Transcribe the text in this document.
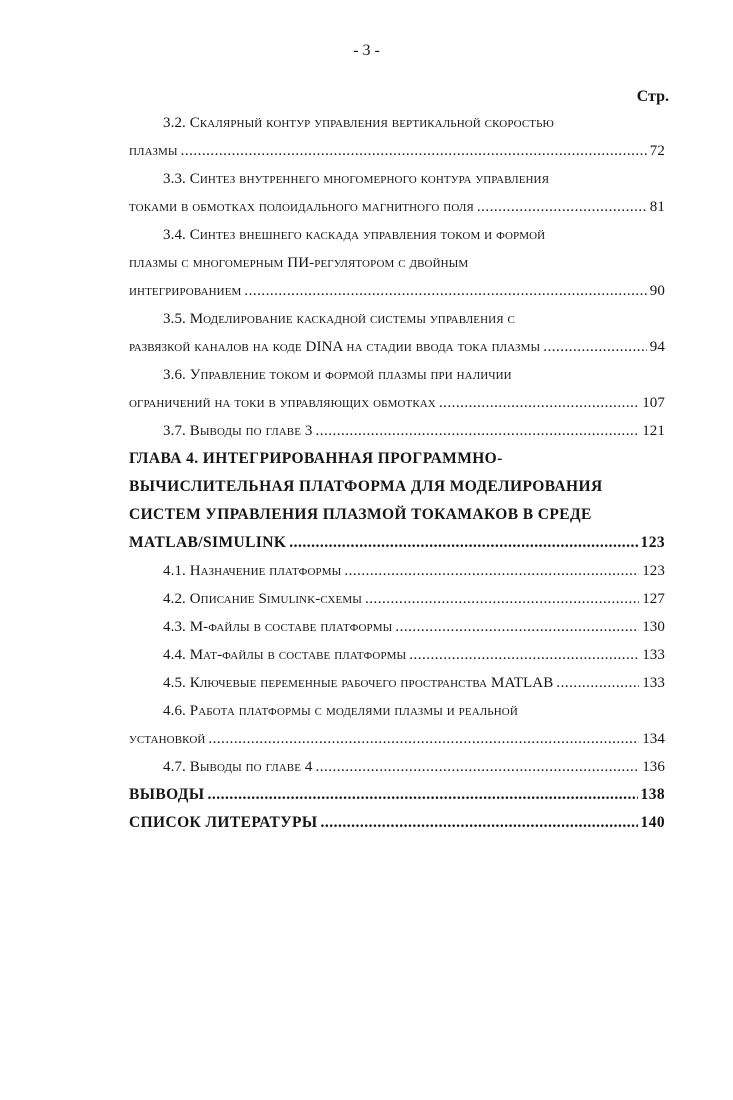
- 3 -
Стр.
3.2. Скалярный контур управления вертикальной скоростью
плазмы .....	72
3.3. Синтез внутреннего многомерного контура управления
токами в обмотках полоидального магнитного поля .....	81
3.4. Синтез внешнего каскада управления током и формой
плазмы с многомерным ПИ-регулятором с двойным
интегрированием .....	90
3.5. Моделирование каскадной системы управления с
развязкой каналов на коде DINA на стадии ввода тока плазмы .....	94
3.6. Управление током и формой плазмы при наличии
ограничений на токи в управляющих обмотках .....	107
3.7. Выводы по главе 3 .....	121
ГЛАВА 4. ИНТЕГРИРОВАННАЯ ПРОГРАММНО-
ВЫЧИСЛИТЕЛЬНАЯ ПЛАТФОРМА ДЛЯ МОДЕЛИРОВАНИЯ
СИСТЕМ УПРАВЛЕНИЯ ПЛАЗМОЙ ТОКАМАКОВ В СРЕДЕ
MATLAB/SIMULINK .....	123
4.1. Назначение платформы .....	123
4.2. Описание Simulink-схемы .....	127
4.3. М-файлы в составе платформы .....	130
4.4. Мат-файлы в составе платформы .....	133
4.5. Ключевые переменные рабочего пространства MATLAB .....	133
4.6. Работа платформы с моделями плазмы и реальной
установкой .....	134
4.7. Выводы по главе 4 .....	136
ВЫВОДЫ .....	138
СПИСОК ЛИТЕРАТУРЫ .....	140
